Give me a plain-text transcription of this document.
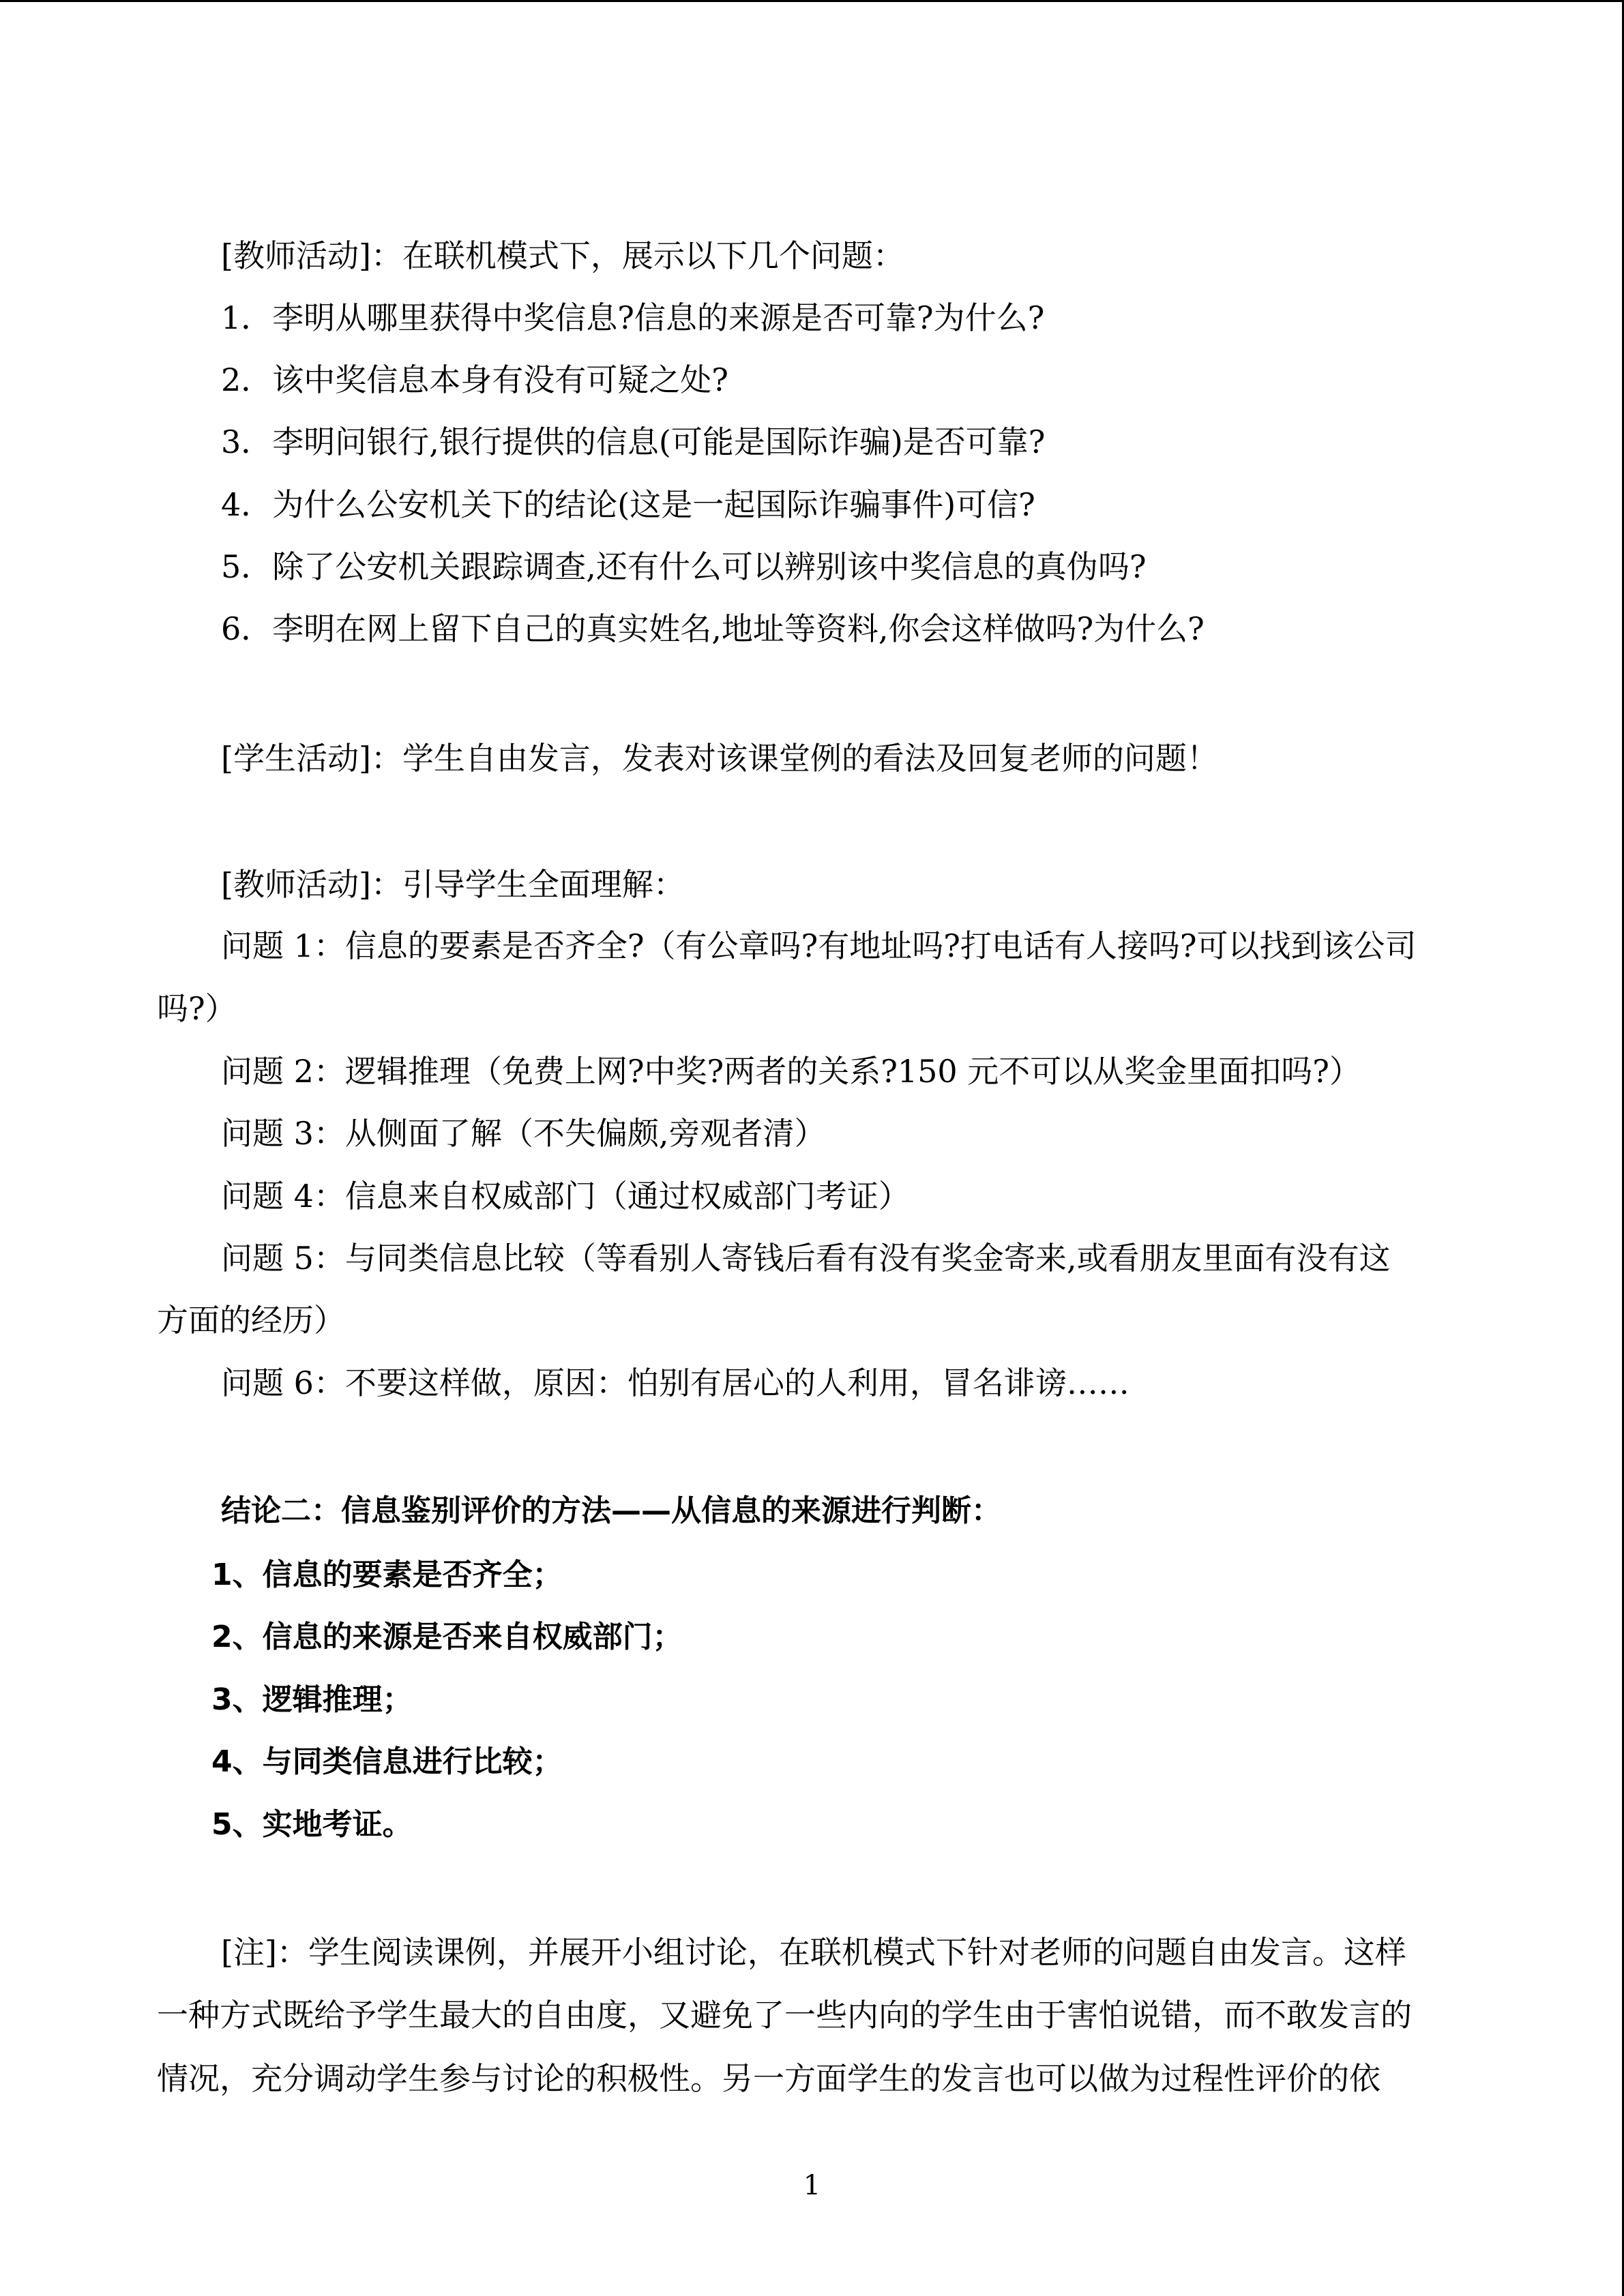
[教师活动]：在联机模式下，展示以下几个问题：
1．李明从哪里获得中奖信息?信息的来源是否可靠?为什么?
2．该中奖信息本身有没有可疑之处?
3．李明问银行,银行提供的信息(可能是国际诈骗)是否可靠?
4．为什么公安机关下的结论(这是一起国际诈骗事件)可信?
5．除了公安机关跟踪调查,还有什么可以辨别该中奖信息的真伪吗?
6．李明在网上留下自己的真实姓名,地址等资料,你会这样做吗?为什么?
[学生活动]：学生自由发言，发表对该课堂例的看法及回复老师的问题！
[教师活动]：引导学生全面理解：
问题 1：信息的要素是否齐全?（有公章吗?有地址吗?打电话有人接吗?可以找到该公司
吗?）
问题 2：逻辑推理（免费上网?中奖?两者的关系?150 元不可以从奖金里面扣吗?）
问题 3：从侧面了解（不失偏颇,旁观者清）
问题 4：信息来自权威部门（通过权威部门考证）
问题 5：与同类信息比较（等看别人寄钱后看有没有奖金寄来,或看朋友里面有没有这
方面的经历）
问题 6：不要这样做，原因：怕别有居心的人利用，冒名诽谤……
结论二：信息鉴别评价的方法——从信息的来源进行判断：
1、信息的要素是否齐全；
2、信息的来源是否来自权威部门；
3、逻辑推理；
4、与同类信息进行比较；
5、实地考证。
[注]：学生阅读课例，并展开小组讨论，在联机模式下针对老师的问题自由发言。这样
一种方式既给予学生最大的自由度，又避免了一些内向的学生由于害怕说错，而不敢发言的
情况，充分调动学生参与讨论的积极性。另一方面学生的发言也可以做为过程性评价的依
1
